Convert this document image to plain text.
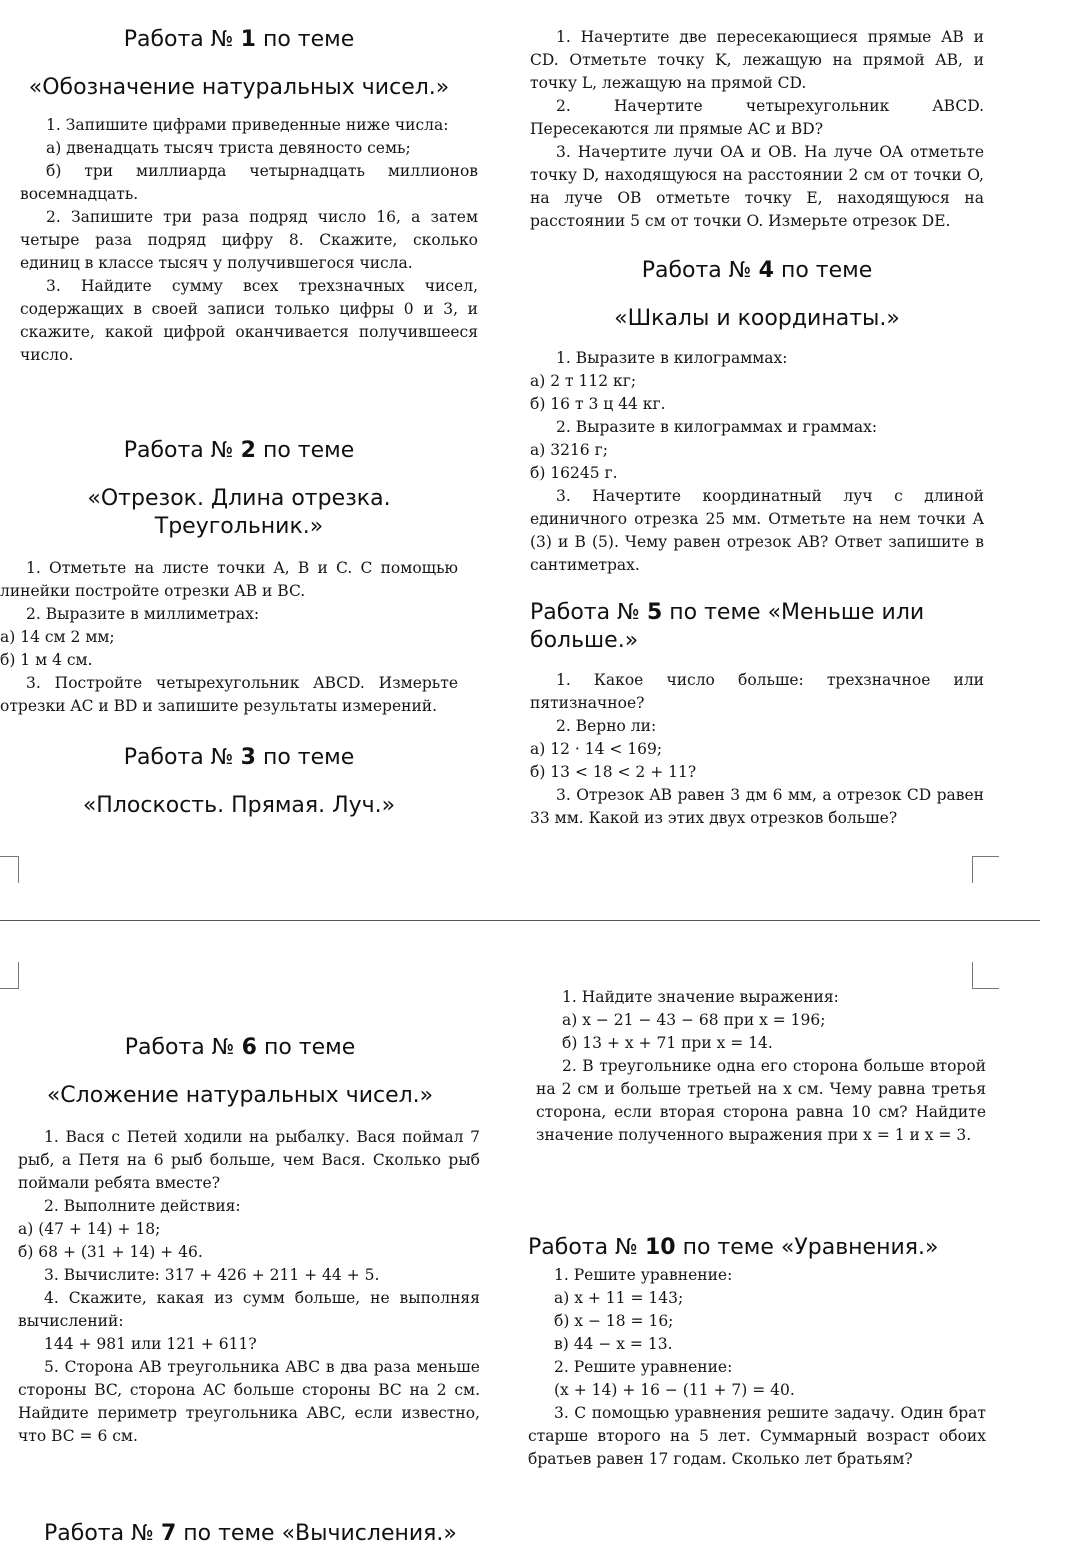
Работа № 1 по теме

«Обозначение натуральных чисел.»

1. Запишите цифрами приведенные ниже числа:

а) двенадцать тысяч триста девяносто семь;

б) три миллиарда четырнадцать миллионов восемнадцать.

2. Запишите три раза подряд число 16, а затем четыре раза подряд цифру 8. Скажите, сколько единиц в классе тысяч у получившегося числа.

3. Найдите сумму всех трехзначных чисел, содержащих в своей записи только цифры 0 и 3, и скажите, какой цифрой оканчивается получившееся число.

Работа № 2 по теме

«Отрезок. Длина отрезка. Треугольник.»

1. Отметьте на листе точки A, B и C. С помощью линейки постройте отрезки AB и BC.

2. Выразите в миллиметрах:

а) 14 см 2 мм;

б) 1 м 4 см.

3. Постройте четырехугольник ABCD. Измерьте отрезки AC и BD и запишите результаты измерений.

Работа № 3 по теме

«Плоскость. Прямая. Луч.»

1. Начертите две пересекающиеся прямые AB и CD. Отметьте точку K, лежащую на прямой AB, и точку L, лежащую на прямой CD.

2. Начертите четырехугольник ABCD. Пересекаются ли прямые AC и BD?

3. Начертите лучи OA и OB. На луче OA отметьте точку D, находящуюся на расстоянии 2 см от точки O, на луче OB отметьте точку E, находящуюся на расстоянии 5 см от точки O. Измерьте отрезок DE.

Работа № 4 по теме

«Шкалы и координаты.»

1. Выразите в килограммах:

а) 2 т 112 кг;

б) 16 т 3 ц 44 кг.

2. Выразите в килограммах и граммах:

а) 3216 г;

б) 16245 г.

3. Начертите координатный луч с длиной единичного отрезка 25 мм. Отметьте на нем точки A (3) и B (5). Чему равен отрезок AB? Ответ запишите в сантиметрах.

Работа № 5 по теме «Меньше или больше.»

1. Какое число больше: трехзначное или пятизначное?

2. Верно ли:

а) 12 · 14 < 169;

б) 13 < 18 < 2 + 11?

3. Отрезок AB равен 3 дм 6 мм, а отрезок CD равен 33 мм. Какой из этих двух отрезков больше?

Работа № 6 по теме

«Сложение натуральных чисел.»

1. Вася с Петей ходили на рыбалку. Вася поймал 7 рыб, а Петя на 6 рыб больше, чем Вася. Сколько рыб поймали ребята вместе?

2. Выполните действия:

а) (47 + 14) + 18;

б) 68 + (31 + 14) + 46.

3. Вычислите: 317 + 426 + 211 + 44 + 5.

4. Скажите, какая из сумм больше, не выполняя вычислений:

144 + 981 или 121 + 611?

5. Сторона AB треугольника ABC в два раза меньше стороны BC, сторона AC больше стороны BC на 2 см. Найдите периметр треугольника ABC, если известно, что BC = 6 см.

Работа № 7 по теме «Вычисления.»

1. Найдите значение выражения:

а) x − 21 − 43 − 68 при x = 196;

б) 13 + x + 71 при x = 14.

2. В треугольнике одна его сторона больше второй на 2 см и больше третьей на x см. Чему равна третья сторона, если вторая сторона равна 10 см? Найдите значение полученного выражения при x = 1 и x = 3.

Работа № 10 по теме «Уравнения.»

1. Решите уравнение:

а) x + 11 = 143;

б) x − 18 = 16;

в) 44 − x = 13.

2. Решите уравнение:

(x + 14) + 16 − (11 + 7) = 40.

3. С помощью уравнения решите задачу. Один брат старше второго на 5 лет. Суммарный возраст обоих братьев равен 17 годам. Сколько лет братьям?
